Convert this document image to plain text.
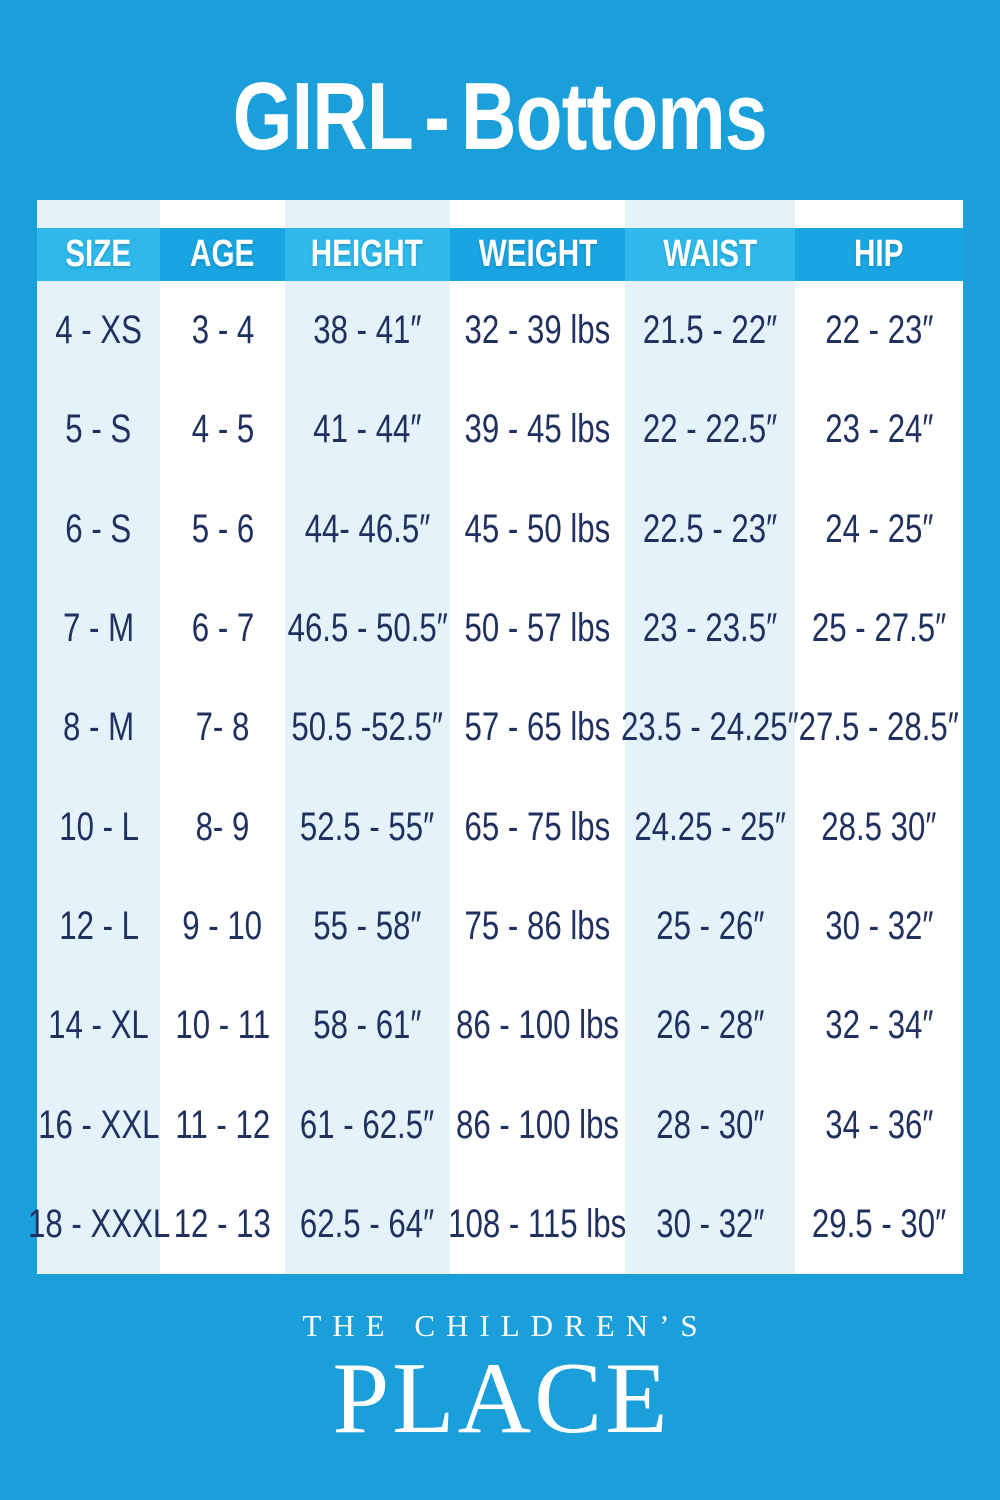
GIRL - Bottoms
SIZE AGE HEIGHT WEIGHT WAIST	HIP
4 - XS 3 - 4 38 - 41″ 32 - 39 lbs 21.5 - 22″ 22 - 23″
5 - S 4 - 5 41 - 44″ 39 - 45 lbs 22 - 22.5″ 23 - 24″
6 - S 5 - 6 44- 46.5″ 45 - 50 lbs 22.5 - 23″ 24 - 25″
7 - M 6 - 7 46.5 - 50.5″ 50 - 57 lbs 23 - 23.5″ 25 - 27.5″
8 - M 7- 8 50.5 -52.5″ 57 - 65 lbs 23.5 - 24.25″ 27.5 - 28.5″
10 - L 8- 9 52.5 - 55″ 65 - 75 lbs 24.25 - 25″ 28.5 30″
12 - L 9 - 10 55 - 58″ 75 - 86 lbs 25 - 26″ 30 - 32″
14 - XL 10 - 11 58 - 61″ 86 - 100 lbs 26 - 28″ 32 - 34″
16 - XXL 11 - 12 61 - 62.5″ 86 - 100 lbs 28 - 30″ 34 - 36″
18 - XXXL 12 - 13 62.5 - 64″ 108 - 115 lbs 30 - 32″ 29.5 - 30″
THE CHILDREN’S
PLACE
